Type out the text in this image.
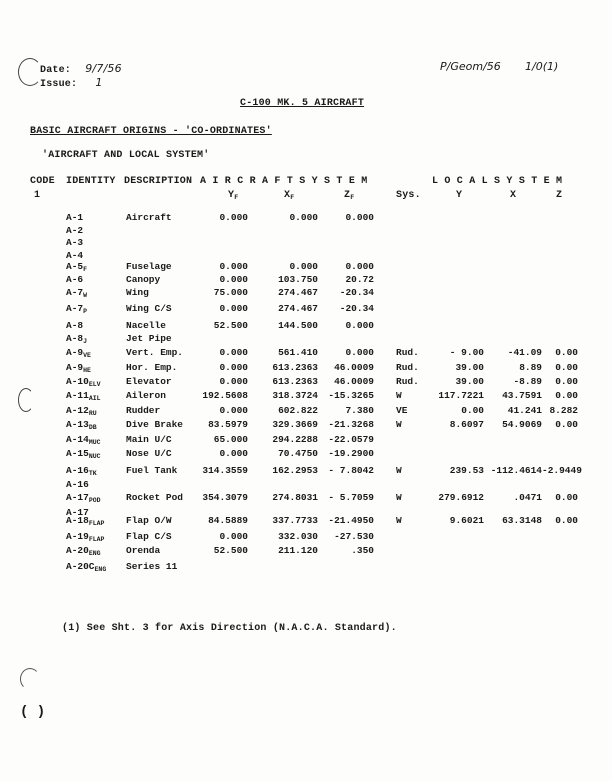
( )
Date: 9/7/56
Issue: 1
P/Geom/56 1/0(1)
C-100 MK. 5 AIRCRAFT
BASIC AIRCRAFT ORIGINS - 'CO-ORDINATES'
'AIRCRAFT AND LOCAL SYSTEM'
CODE
1
IDENTITY DESCRIPTION A I R C R A F T S Y S T E M
$Y_F$	$X_F$	$Z_F$
L O C A L S Y S T E M
Sys.	Y	X	Z
A-1	Aircraft	0.000	0.000	0.000
A-2
A-3
A-4
$A-5_F$	Fuselage	0.000	0.000	0.000
A-6	Canopy	0.000	103.750	20.72
$A-7_W$	Wing	75.000	274.467	-20.34
$A-7_P$	Wing C/S	0.000	274.467	-20.34
A-8	Nacelle	52.500	144.500	0.000
$A-8_J$	Jet Pipe
$A-9_{VE}$	Vert. Emp.	0.000	561.410	0.000 Rud.	- 9.00	-41.09	0.00
$A-9_{HE}$	Hor. Emp.	0.000	613.2363	46.0009 Rud.	39.00	8.89	0.00
$A-10_{ELV}$	Elevator	0.000	613.2363	46.0009 Rud.	39.00	-8.89	0.00
$A-11_{AIL}$	Aileron	192.5608	318.3724	-15.3265 W	117.7221	43.7591	0.00
$A-12_{RU}$	Rudder	0.000	602.822	7.380 VE	0.00	41.241 8.282
$A-13_{DB}$	Dive Brake	83.5979	329.3669	-21.3268 W	8.6097	54.9069	0.00
$A-14_{MUC}$	Main U/C	65.000	294.2288	-22.0579
$A-15_{NUC}$	Nose U/C	0.000	70.4750	-19.2900
$A-16_{TK}$	Fuel Tank	314.3559	162.2953	- 7.8042 W	239.53 -112.4614 -2.9449
A-16
$A-17_{POD}$	Rocket Pod 354.3079	274.8031	- 5.7059 W	279.6912	.0471	0.00
A-17
$A-18_{FLAP}$ Flap O/W	84.5889	337.7733	-21.4950 W	9.6021	63.3148	0.00
$A-19_{FLAP}$ Flap C/S	0.000	332.030	-27.530
$A-20_{ENG}$	Orenda	52.500	211.120	.350
$A-20C_{ENG}$ Series 11
(1) See Sht. 3 for Axis Direction (N.A.C.A. Standard).
